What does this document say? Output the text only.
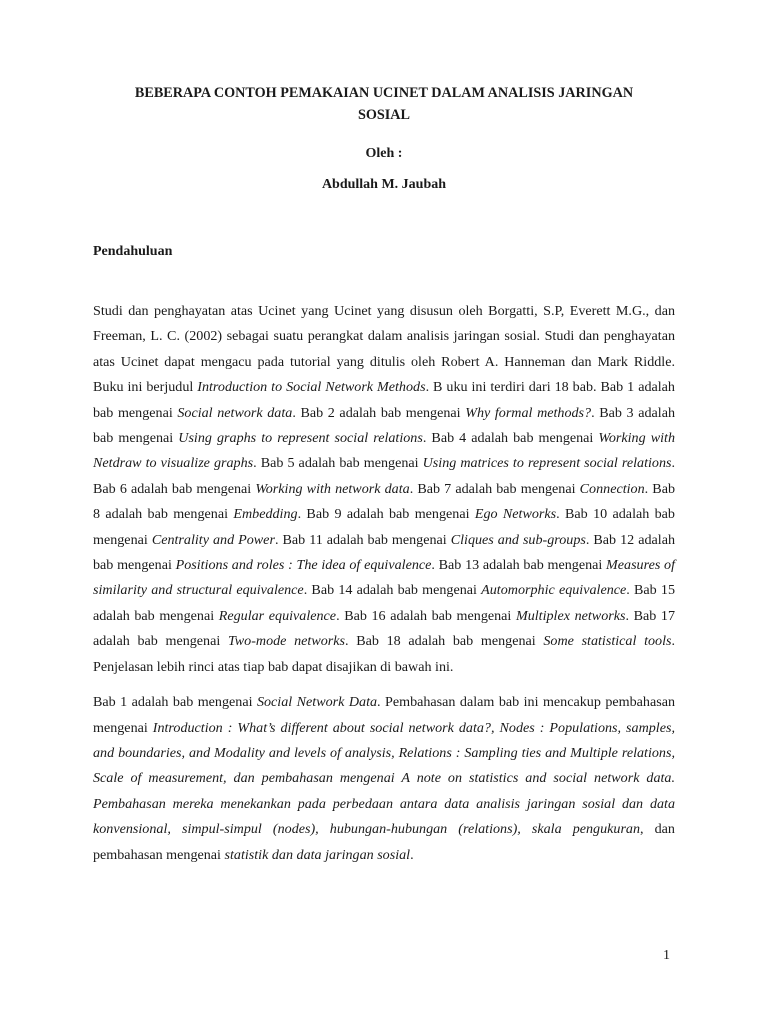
BEBERAPA CONTOH PEMAKAIAN UCINET DALAM ANALISIS JARINGAN SOSIAL
Oleh :
Abdullah M. Jaubah
Pendahuluan

Studi dan penghayatan atas Ucinet yang Ucinet yang disusun oleh Borgatti, S.P, Everett M.G., dan Freeman, L. C. (2002) sebagai suatu perangkat dalam analisis jaringan sosial. Studi dan penghayatan atas Ucinet dapat mengacu pada tutorial yang ditulis oleh Robert A. Hanneman dan Mark Riddle. Buku ini berjudul Introduction to Social Network Methods. B uku ini terdiri dari 18 bab. Bab 1 adalah bab mengenai Social network data. Bab 2 adalah bab mengenai Why formal methods?. Bab 3 adalah bab mengenai Using graphs to represent social relations. Bab 4 adalah bab mengenai Working with Netdraw to visualize graphs. Bab 5 adalah bab mengenai Using matrices to represent social relations. Bab 6 adalah bab mengenai Working with network data. Bab 7 adalah bab mengenai Connection. Bab 8 adalah bab mengenai Embedding. Bab 9 adalah bab mengenai Ego Networks. Bab 10 adalah bab mengenai Centrality and Power. Bab 11 adalah bab mengenai Cliques and sub-groups. Bab 12 adalah bab mengenai Positions and roles : The idea of equivalence. Bab 13 adalah bab mengenai Measures of similarity and structural equivalence. Bab 14 adalah bab mengenai Automorphic equivalence. Bab 15 adalah bab mengenai Regular equivalence. Bab 16 adalah bab mengenai Multiplex networks. Bab 17 adalah bab mengenai Two-mode networks. Bab 18 adalah bab mengenai Some statistical tools. Penjelasan lebih rinci atas tiap bab dapat disajikan di bawah ini.

Bab 1 adalah bab mengenai Social Network Data. Pembahasan dalam bab ini mencakup pembahasan mengenai Introduction : What’s different about social network data?, Nodes : Populations, samples, and boundaries, and Modality and levels of analysis, Relations : Sampling ties and Multiple relations, Scale of measurement, dan pembahasan mengenai A note on statistics and social network data. Pembahasan mereka menekankan pada perbedaan antara data analisis jaringan sosial dan data konvensional, simpul-simpul (nodes), hubungan-hubungan (relations), skala pengukuran, dan pembahasan mengenai statistik dan data jaringan sosial.

1
